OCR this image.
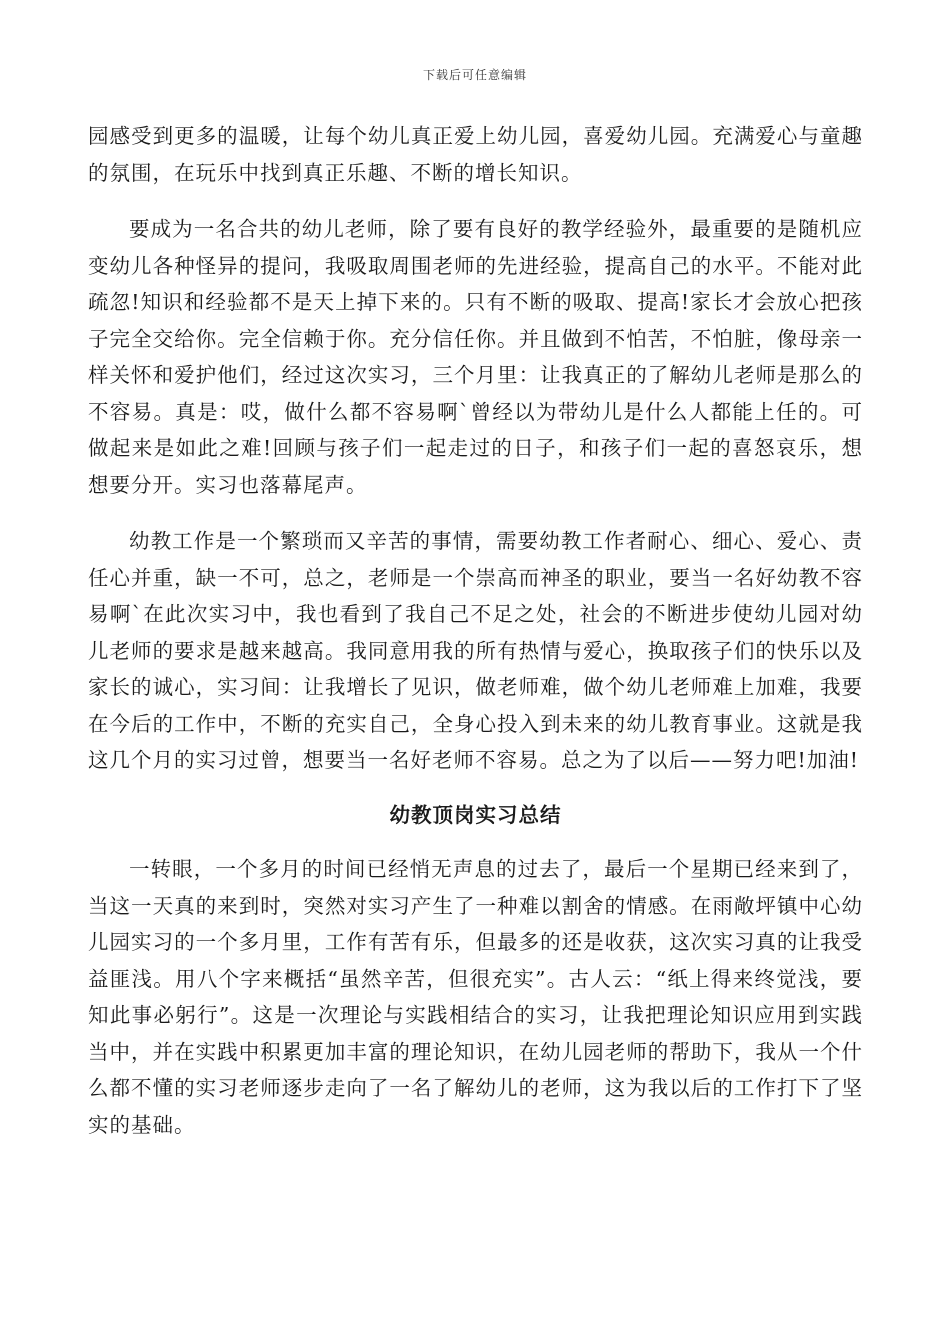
下载后可任意编辑

园感受到更多的温暖，让每个幼儿真正爱上幼儿园，喜爱幼儿园。充满爱心与童趣的氛围，在玩乐中找到真正乐趣、不断的增长知识。

要成为一名合共的幼儿老师，除了要有良好的教学经验外，最重要的是随机应变幼儿各种怪异的提问，我吸取周围老师的先进经验，提高自己的水平。不能对此疏忽!知识和经验都不是天上掉下来的。只有不断的吸取、提高!家长才会放心把孩子完全交给你。完全信赖于你。充分信任你。并且做到不怕苦，不怕脏，像母亲一样关怀和爱护他们，经过这次实习，三个月里：让我真正的了解幼儿老师是那么的不容易。真是：哎，做什么都不容易啊`曾经以为带幼儿是什么人都能上任的。可做起来是如此之难!回顾与孩子们一起走过的日子，和孩子们一起的喜怒哀乐，想想要分开。实习也落幕尾声。

幼教工作是一个繁琐而又辛苦的事情，需要幼教工作者耐心、细心、爱心、责任心并重，缺一不可，总之，老师是一个崇高而神圣的职业，要当一名好幼教不容易啊`在此次实习中，我也看到了我自己不足之处，社会的不断进步使幼儿园对幼儿老师的要求是越来越高。我同意用我的所有热情与爱心，换取孩子们的快乐以及家长的诚心，实习间：让我增长了见识，做老师难，做个幼儿老师难上加难，我要在今后的工作中，不断的充实自己，全身心投入到未来的幼儿教育事业。这就是我这几个月的实习过曾，想要当一名好老师不容易。总之为了以后——努力吧!加油!

幼教顶岗实习总结

一转眼，一个多月的时间已经悄无声息的过去了，最后一个星期已经来到了，当这一天真的来到时，突然对实习产生了一种难以割舍的情感。在雨敞坪镇中心幼儿园实习的一个多月里，工作有苦有乐，但最多的还是收获，这次实习真的让我受益匪浅。用八个字来概括“虽然辛苦，但很充实”。古人云：“纸上得来终觉浅，要知此事必躬行”。这是一次理论与实践相结合的实习，让我把理论知识应用到实践当中，并在实践中积累更加丰富的理论知识，在幼儿园老师的帮助下，我从一个什么都不懂的实习老师逐步走向了一名了解幼儿的老师，这为我以后的工作打下了坚实的基础。
